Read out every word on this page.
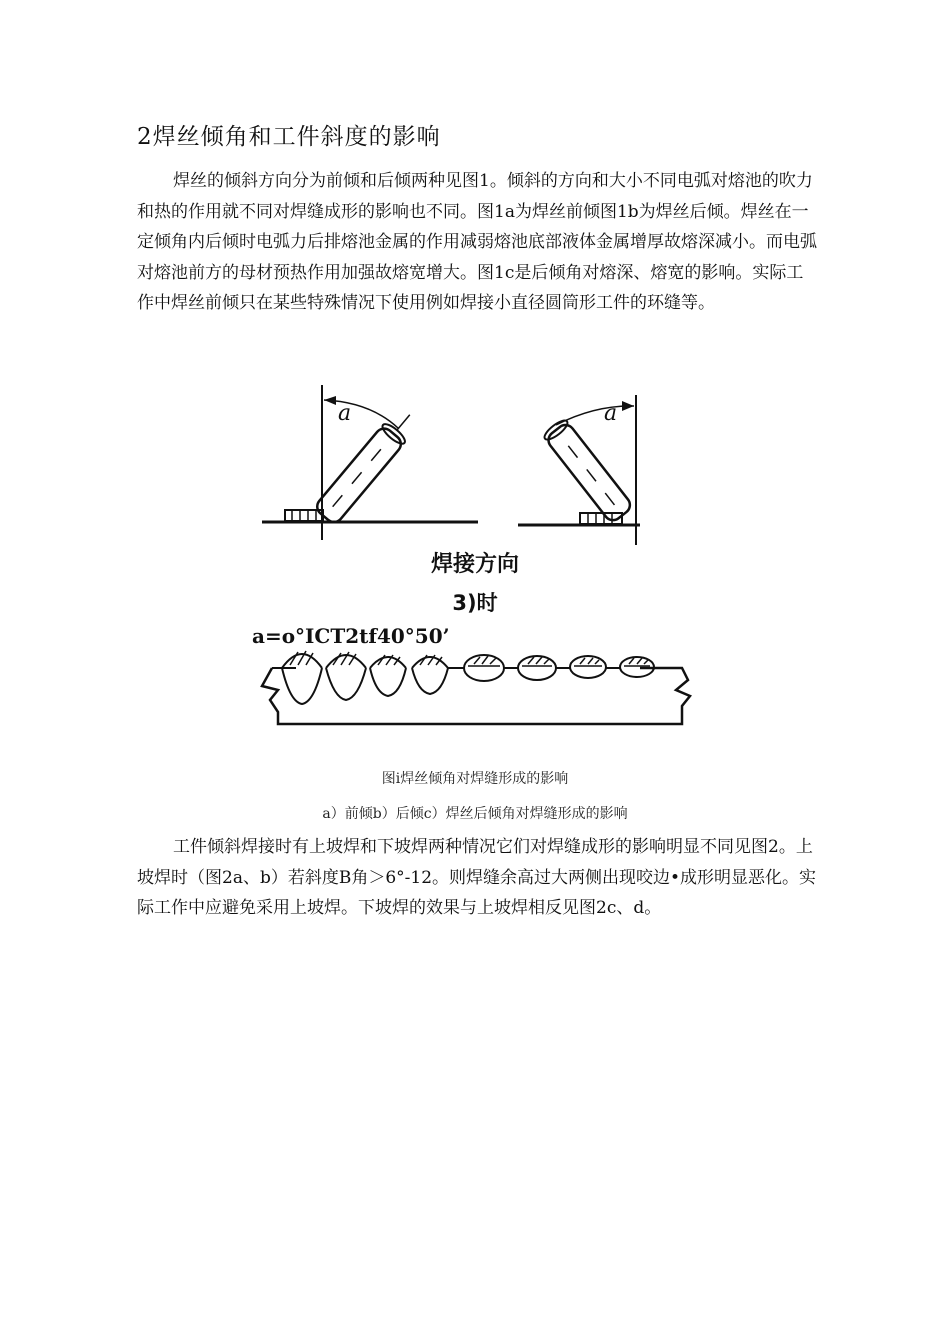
2焊丝倾角和工件斜度的影响

焊丝的倾斜方向分为前倾和后倾两种见图1。倾斜的方向和大小不同电弧对熔池的吹力和热的作用就不同对焊缝成形的影响也不同。图1a为焊丝前倾图1b为焊丝后倾。焊丝在一定倾角内后倾时电弧力后排熔池金属的作用减弱熔池底部液体金属增厚故熔深减小。而电弧对熔池前方的母材预热作用加强故熔宽增大。图1c是后倾角对熔深、熔宽的影响。实际工作中焊丝前倾只在某些特殊情况下使用例如焊接小直径圆筒形工件的环缝等。

a	a
焊接方向
3)时
a=o°ICT2tf40°50’
图i焊丝倾角对焊缝形成的影响
a）前倾b）后倾c）焊丝后倾角对焊缝形成的影响

工件倾斜焊接时有上坡焊和下坡焊两种情况它们对焊缝成形的影响明显不同见图2。上坡焊时（图2a、b）若斜度Β角＞6°-12。则焊缝余高过大两侧出现咬边•成形明显恶化。实际工作中应避免采用上坡焊。下坡焊的效果与上坡焊相反见图2c、d。
